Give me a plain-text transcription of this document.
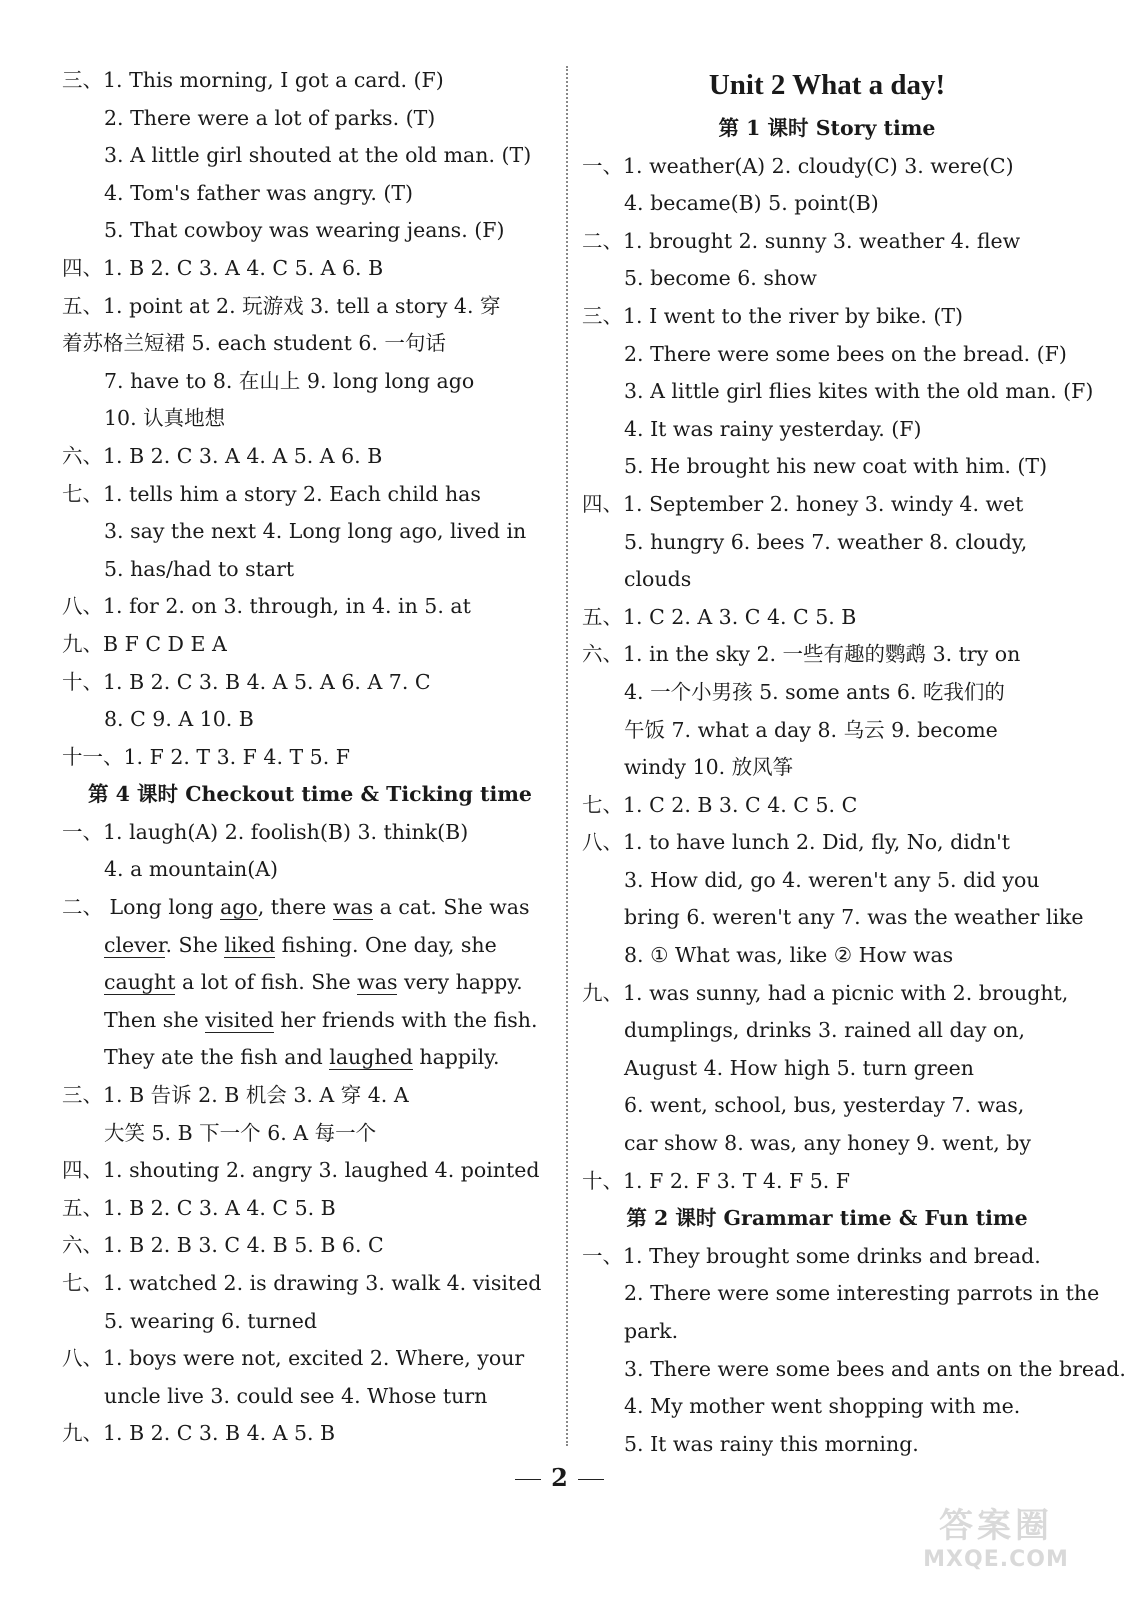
三、1. This morning, I got a card. (F)
2. There were a lot of parks. (T)
3. A little girl shouted at the old man. (T)
4. Tom's father was angry. (T)
5. That cowboy was wearing jeans. (F)
四、1. B 2. C 3. A 4. C 5. A 6. B
五、1. point at 2. 玩游戏 3. tell a story 4. 穿
着苏格兰短裙 5. each student 6. 一句话
7. have to 8. 在山上 9. long long ago
10. 认真地想
六、1. B 2. C 3. A 4. A 5. A 6. B
七、1. tells him a story 2. Each child has
3. say the next 4. Long long ago, lived in
5. has/had to start
八、1. for 2. on 3. through, in 4. in 5. at
九、B F C D E A
十、1. B 2. C 3. B 4. A 5. A 6. A 7. C
8. C 9. A 10. B
十一、1. F 2. T 3. F 4. T 5. F
第 4 课时 Checkout time & Ticking time
一、1. laugh(A) 2. foolish(B) 3. think(B)
4. a mountain(A)
二、 Long long ago, there was a cat. She was
clever. She liked fishing. One day, she
caught a lot of fish. She was very happy.
Then she visited her friends with the fish.
They ate the fish and laughed happily.
三、1. B 告诉 2. B 机会 3. A 穿 4. A
大笑 5. B 下一个 6. A 每一个
四、1. shouting 2. angry 3. laughed 4. pointed
五、1. B 2. C 3. A 4. C 5. B
六、1. B 2. B 3. C 4. B 5. B 6. C
七、1. watched 2. is drawing 3. walk 4. visited
5. wearing 6. turned
八、1. boys were not, excited 2. Where, your
uncle live 3. could see 4. Whose turn
九、1. B 2. C 3. B 4. A 5. B
Unit 2 What a day!
第 1 课时 Story time
一、1. weather(A) 2. cloudy(C) 3. were(C)
4. became(B) 5. point(B)
二、1. brought 2. sunny 3. weather 4. flew
5. become 6. show
三、1. I went to the river by bike. (T)
2. There were some bees on the bread. (F)
3. A little girl flies kites with the old man. (F)
4. It was rainy yesterday. (F)
5. He brought his new coat with him. (T)
四、1. September 2. honey 3. windy 4. wet
5. hungry 6. bees 7. weather 8. cloudy,
clouds
五、1. C 2. A 3. C 4. C 5. B
六、1. in the sky 2. 一些有趣的鹦鹉 3. try on
4. 一个小男孩 5. some ants 6. 吃我们的
午饭 7. what a day 8. 乌云 9. become
windy 10. 放风筝
七、1. C 2. B 3. C 4. C 5. C
八、1. to have lunch 2. Did, fly, No, didn't
3. How did, go 4. weren't any 5. did you
bring 6. weren't any 7. was the weather like
8. ① What was, like ② How was
九、1. was sunny, had a picnic with 2. brought,
dumplings, drinks 3. rained all day on,
August 4. How high 5. turn green
6. went, school, bus, yesterday 7. was,
car show 8. was, any honey 9. went, by
十、1. F 2. F 3. T 4. F 5. F
第 2 课时 Grammar time & Fun time
一、1. They brought some drinks and bread.
2. There were some interesting parrots in the
park.
3. There were some bees and ants on the bread.
4. My mother went shopping with me.
5. It was rainy this morning.
2
答案圈
MXQE.COM
